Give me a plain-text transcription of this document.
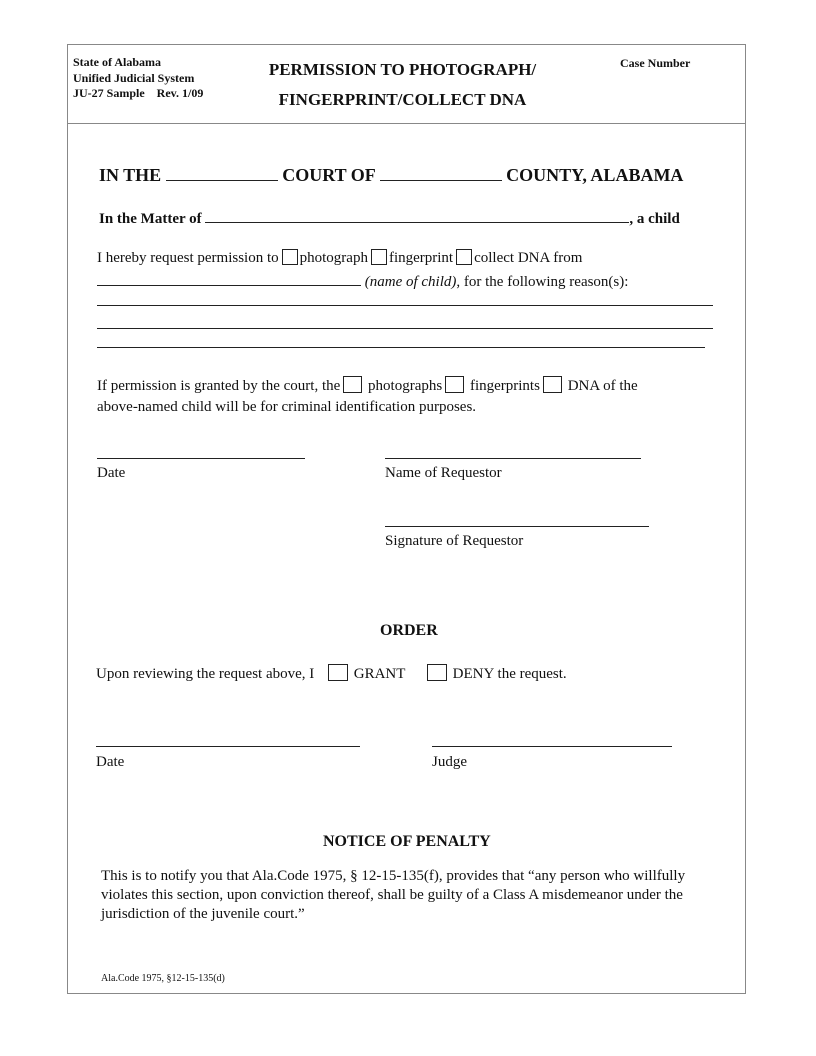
State of Alabama
Unified Judicial System
JU-27 Sample Rev. 1/09
PERMISSION TO PHOTOGRAPH/
FINGERPRINT/COLLECT DNA
Case Number
IN THE	COURT OF	COUNTY, ALABAMA
In the Matter of	, a child
I hereby request permission to photograph fingerprint collect DNA from
(name of child), for the following reason(s):
If permission is granted by the court, the photographs fingerprints DNA of the
above-named child will be for criminal identification purposes.
Date	Name of Requestor
Signature of Requestor
ORDER
Upon reviewing the request above, I	GRANT	DENY the request.
Date	Judge
NOTICE OF PENALTY
This is to notify you that Ala.Code 1975, § 12-15-135(f), provides that “any person who willfully violates this section, upon conviction thereof, shall be guilty of a Class A misdemeanor under the jurisdiction of the juvenile court.”
Ala.Code 1975, §12-15-135(d)
